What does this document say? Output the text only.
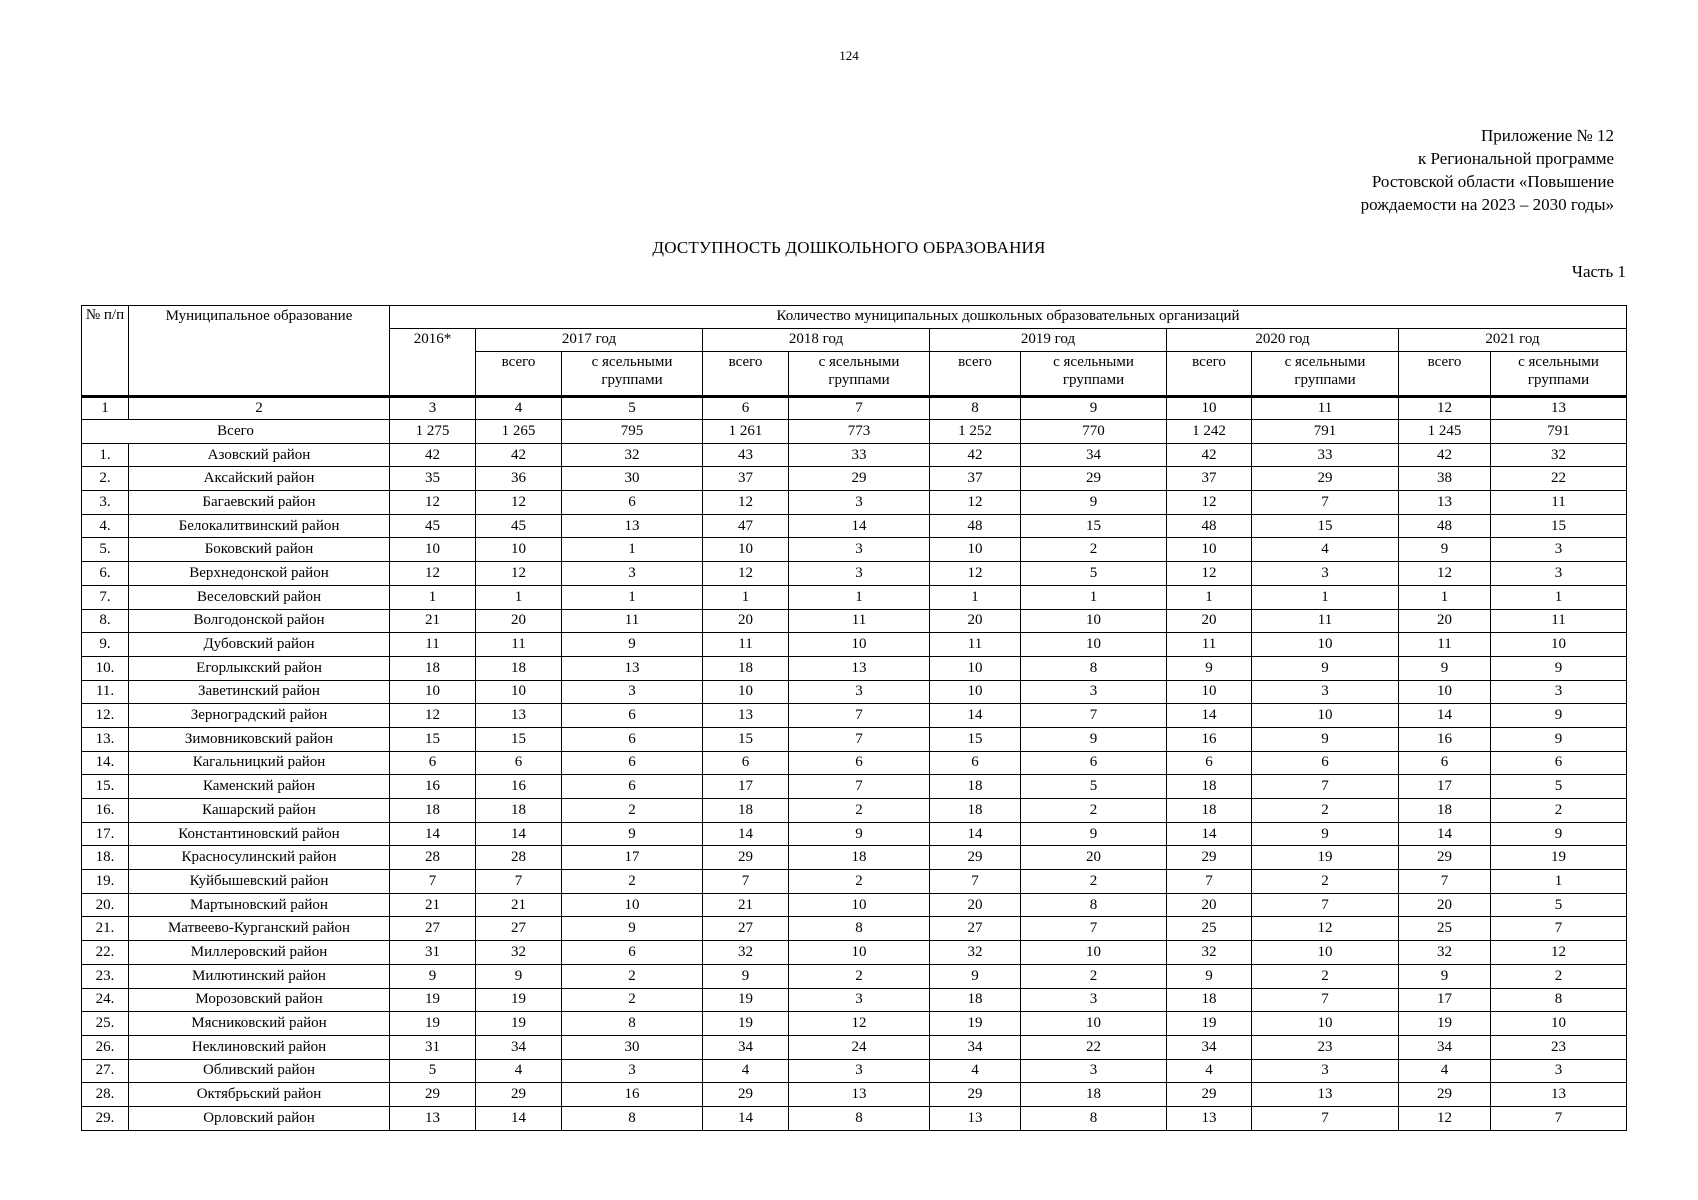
124
Приложение № 12
к Региональной программе
Ростовской области «Повышение
рождаемости на 2023 – 2030 годы»
ДОСТУПНОСТЬ ДОШКОЛЬНОГО ОБРАЗОВАНИЯ
Часть 1
№ п/п	Муниципальное образование	Количество муниципальных дошкольных образовательных организаций										
		2016*	2017 год		2018 год		2019 год		2020 год		2021 год	
			всего	с ясельными группами	всего	с ясельными группами	всего	с ясельными группами	всего	с ясельными группами	всего	с ясельными группами
1	2	3	4	5	6	7	8	9	10	11	12	13
Всего		1 275	1 265	795	1 261	773	1 252	770	1 242	791	1 245	791
1.	Азовский район	42	42	32	43	33	42	34	42	33	42	32
2.	Аксайский район	35	36	30	37	29	37	29	37	29	38	22
3.	Багаевский район	12	12	6	12	3	12	9	12	7	13	11
4.	Белокалитвинский район	45	45	13	47	14	48	15	48	15	48	15
5.	Боковский район	10	10	1	10	3	10	2	10	4	9	3
6.	Верхнедонской район	12	12	3	12	3	12	5	12	3	12	3
7.	Веселовский район	1	1	1	1	1	1	1	1	1	1	1
8.	Волгодонской район	21	20	11	20	11	20	10	20	11	20	11
9.	Дубовский район	11	11	9	11	10	11	10	11	10	11	10
10.	Егорлыкский район	18	18	13	18	13	10	8	9	9	9	9
11.	Заветинский район	10	10	3	10	3	10	3	10	3	10	3
12.	Зерноградский район	12	13	6	13	7	14	7	14	10	14	9
13.	Зимовниковский район	15	15	6	15	7	15	9	16	9	16	9
14.	Кагальницкий район	6	6	6	6	6	6	6	6	6	6	6
15.	Каменский район	16	16	6	17	7	18	5	18	7	17	5
16.	Кашарский район	18	18	2	18	2	18	2	18	2	18	2
17.	Константиновский район	14	14	9	14	9	14	9	14	9	14	9
18.	Красносулинский район	28	28	17	29	18	29	20	29	19	29	19
19.	Куйбышевский район	7	7	2	7	2	7	2	7	2	7	1
20.	Мартыновский район	21	21	10	21	10	20	8	20	7	20	5
21.	Матвеево-Курганский район	27	27	9	27	8	27	7	25	12	25	7
22.	Миллеровский район	31	32	6	32	10	32	10	32	10	32	12
23.	Милютинский район	9	9	2	9	2	9	2	9	2	9	2
24.	Морозовский район	19	19	2	19	3	18	3	18	7	17	8
25.	Мясниковский район	19	19	8	19	12	19	10	19	10	19	10
26.	Неклиновский район	31	34	30	34	24	34	22	34	23	34	23
27.	Обливский район	5	4	3	4	3	4	3	4	3	4	3
28.	Октябрьский район	29	29	16	29	13	29	18	29	13	29	13
29.	Орловский район	13	14	8	14	8	13	8	13	7	12	7
